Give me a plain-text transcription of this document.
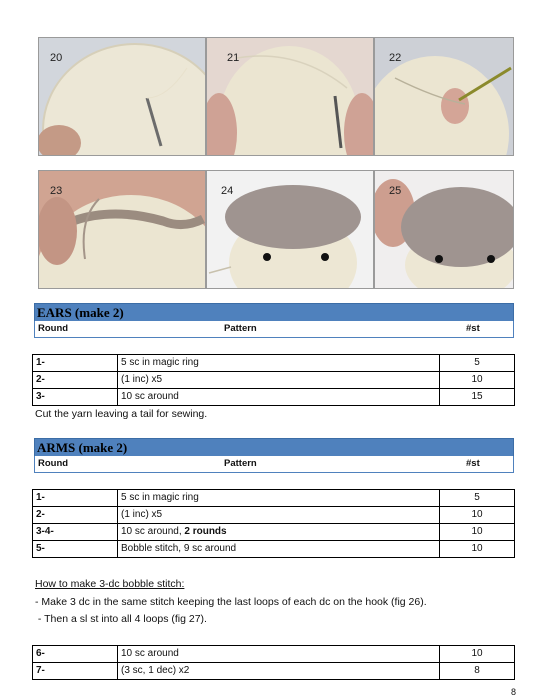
20	21	22
23	24	25
EARS (make 2)
Round	Pattern	#st
1-	5 sc in magic ring	5
2-	(1 inc) x5	10
3-	10 sc around	15
Cut the yarn leaving a tail for sewing.
ARMS (make 2)
Round	Pattern	#st
1-	5 sc in magic ring	5
2-	(1 inc) x5	10
3-4-	10 sc around, 2 rounds	10
5-	Bobble stitch, 9 sc around	10
How to make 3-dc bobble stitch:
- Make 3 dc in the same stitch keeping the last loops of each dc on the hook (fig 26).
- Then a sl st into all 4 loops (fig 27).
6-	10 sc around	10
7-	(3 sc, 1 dec) x2	8
8
